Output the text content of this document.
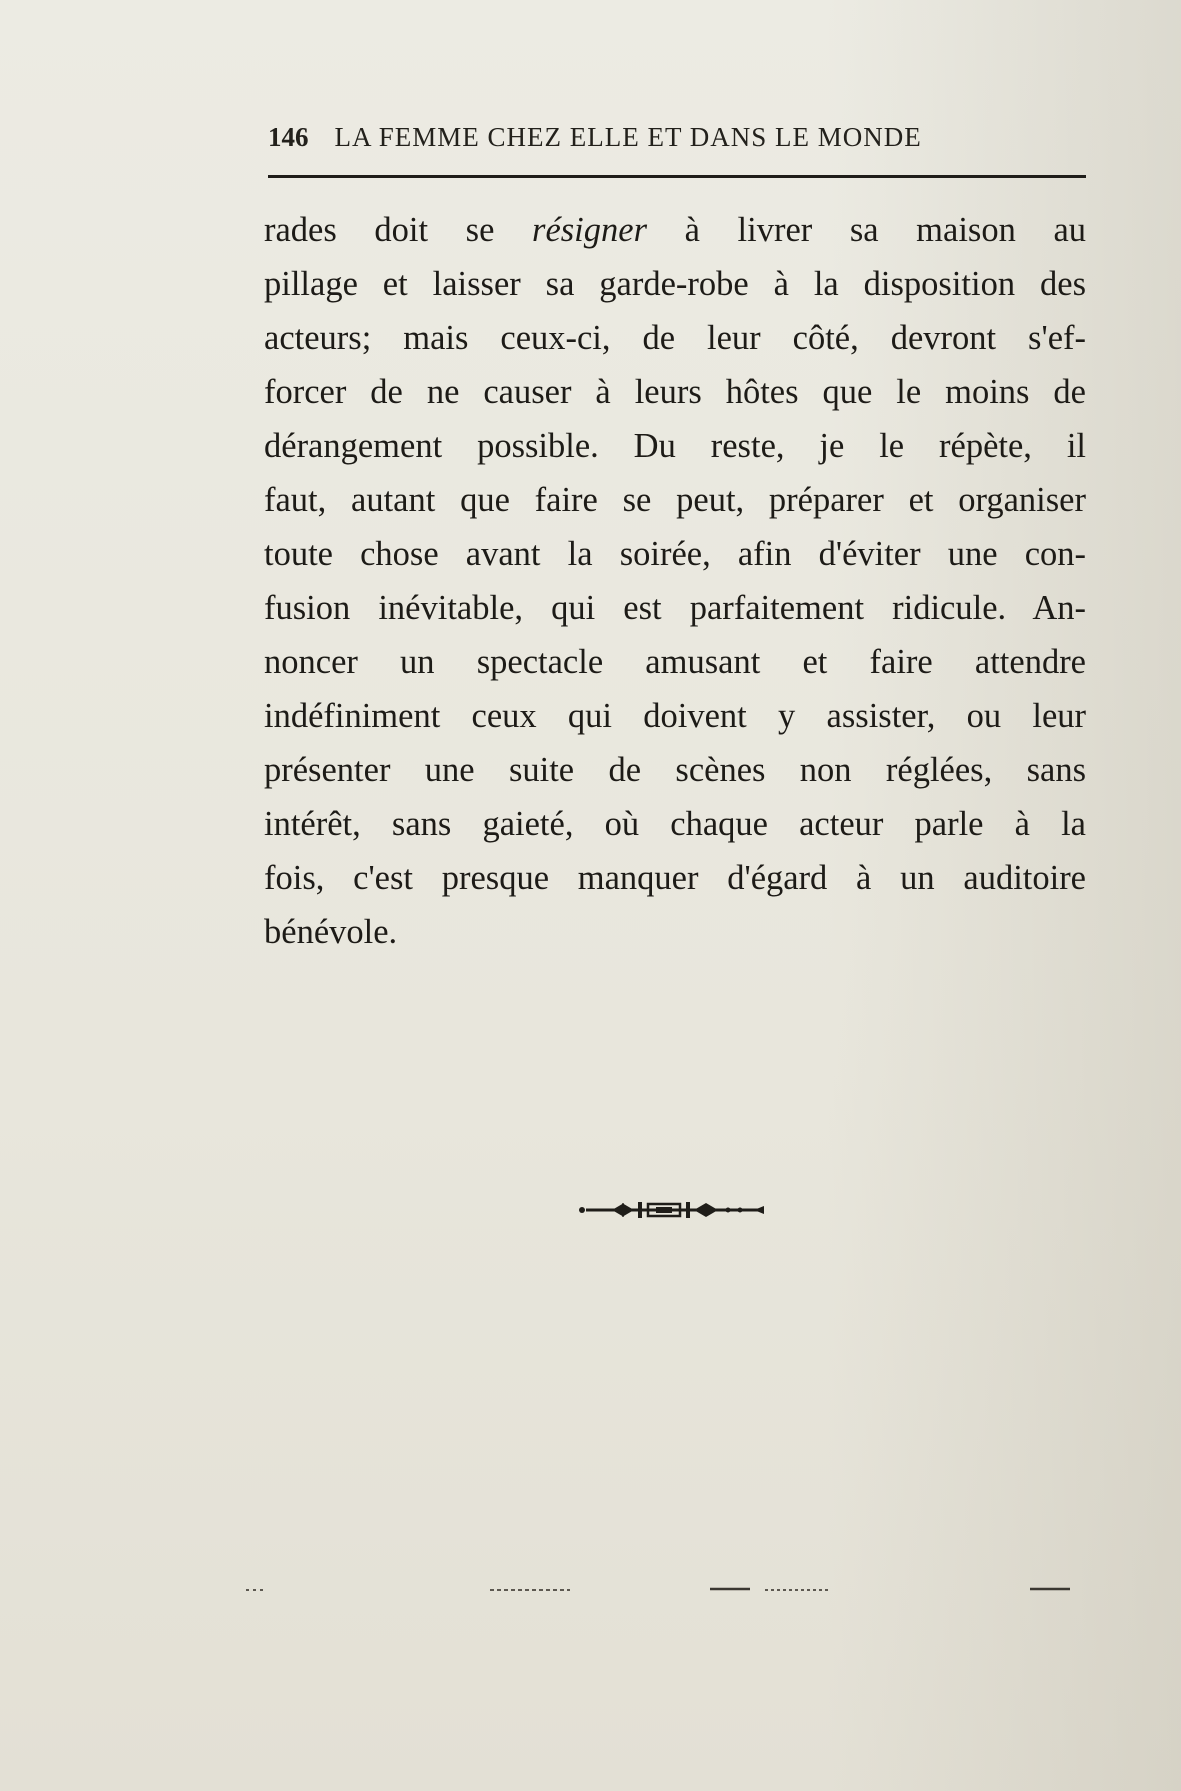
146 LA FEMME CHEZ ELLE ET DANS LE MONDE
rades doit se résigner à livrer sa maison au
pillage et laisser sa garde-robe à la disposition des
acteurs; mais ceux-ci, de leur côté, devront s'ef-
forcer de ne causer à leurs hôtes que le moins de
dérangement possible. Du reste, je le répète, il
faut, autant que faire se peut, préparer et organiser
toute chose avant la soirée, afin d'éviter une con-
fusion inévitable, qui est parfaitement ridicule. An-
noncer un spectacle amusant et faire attendre
indéfiniment ceux qui doivent y assister, ou leur
présenter une suite de scènes non réglées, sans
intérêt, sans gaieté, où chaque acteur parle à la
fois, c'est presque manquer d'égard à un auditoire
bénévole.
